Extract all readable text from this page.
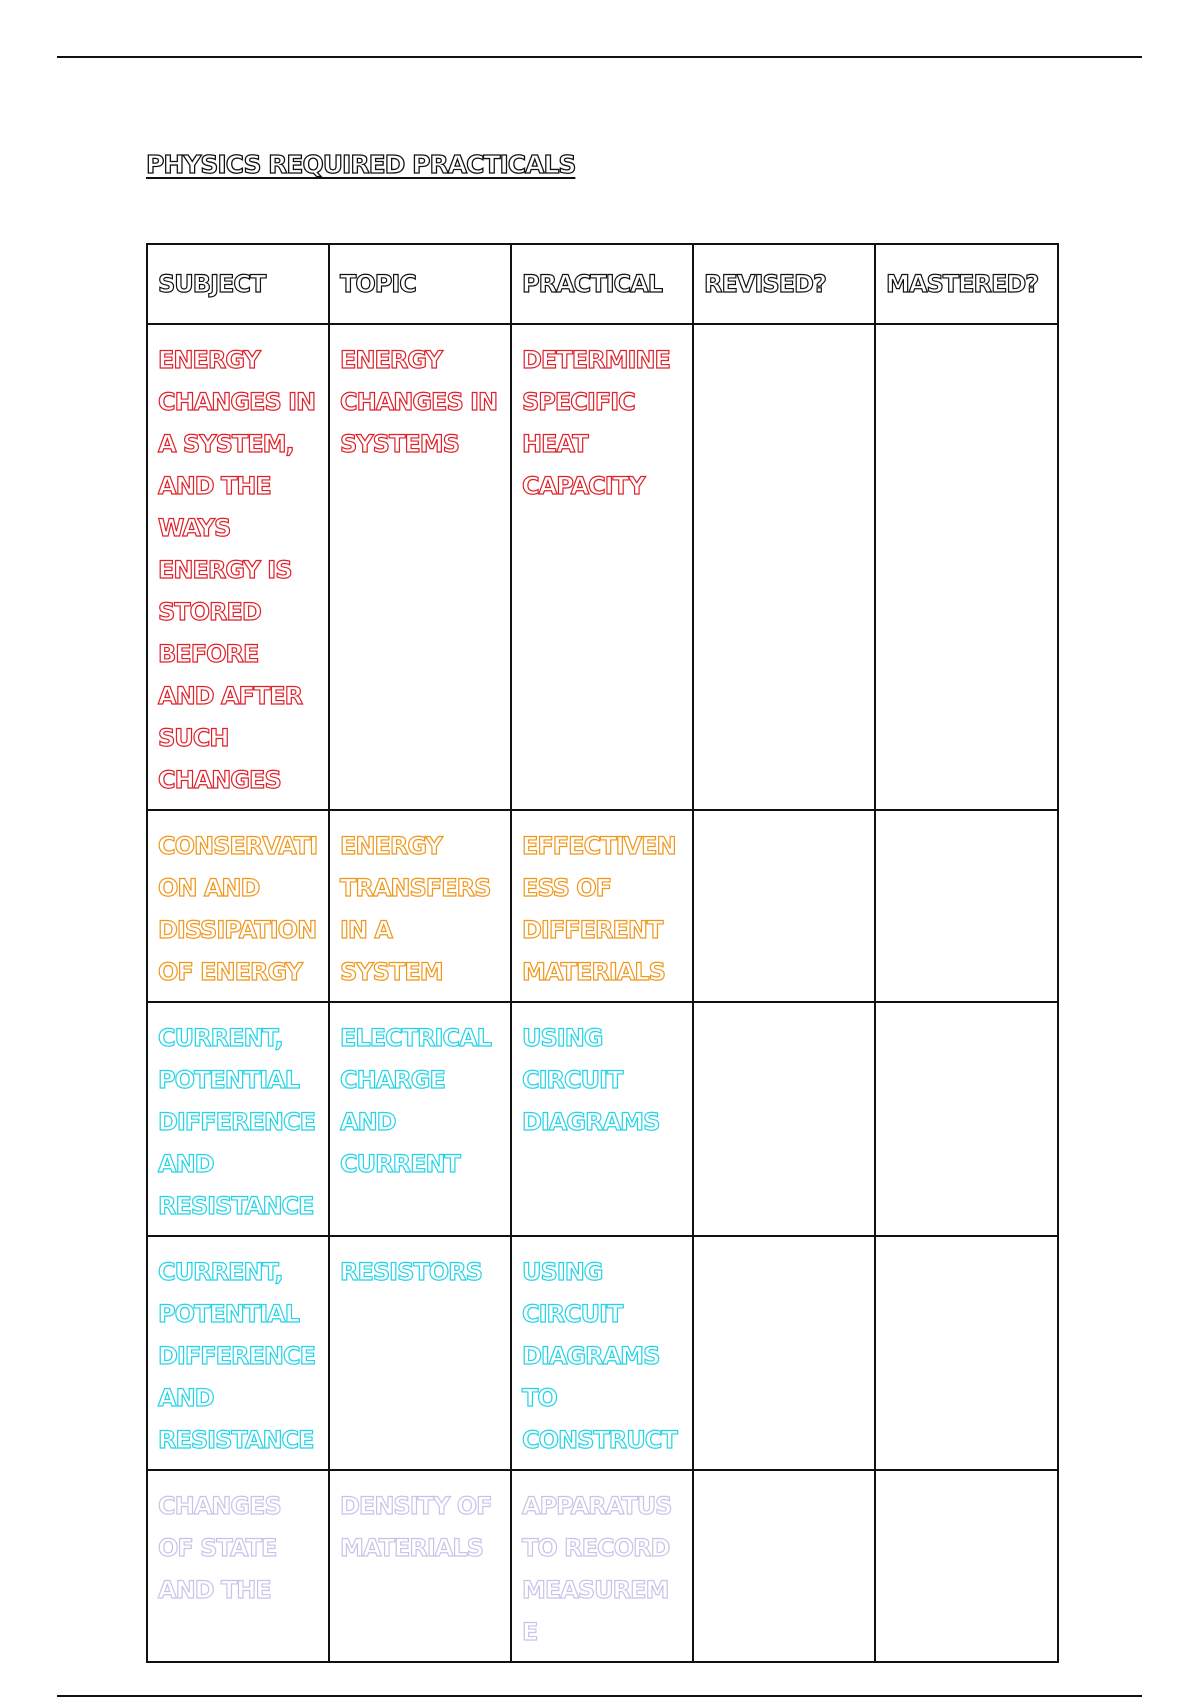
PHYSICS REQUIRED PRACTICALS
SUBJECT	TOPIC	PRACTICAL	REVISED?	MASTERED?

ENERGY CHANGES IN A SYSTEM, AND THE WAYS ENERGY IS STORED BEFORE AND AFTER SUCH CHANGES	ENERGY CHANGES IN SYSTEMS	DETERMINE SPECIFIC HEAT CAPACITY		

CONSERVATION AND DISSIPATION OF ENERGY	ENERGY TRANSFERS IN A SYSTEM	EFFECTIVENESS OF DIFFERENT MATERIALS		

CURRENT, POTENTIAL DIFFERENCE AND RESISTANCE	ELECTRICAL CHARGE AND CURRENT	USING CIRCUIT DIAGRAMS		

CURRENT, POTENTIAL DIFFERENCE AND RESISTANCE	RESISTORS	USING CIRCUIT DIAGRAMS TO CONSTRUCT		

CHANGES OF STATE AND THE	DENSITY OF MATERIALS	APPARATUS TO RECORD MEASUREME		
